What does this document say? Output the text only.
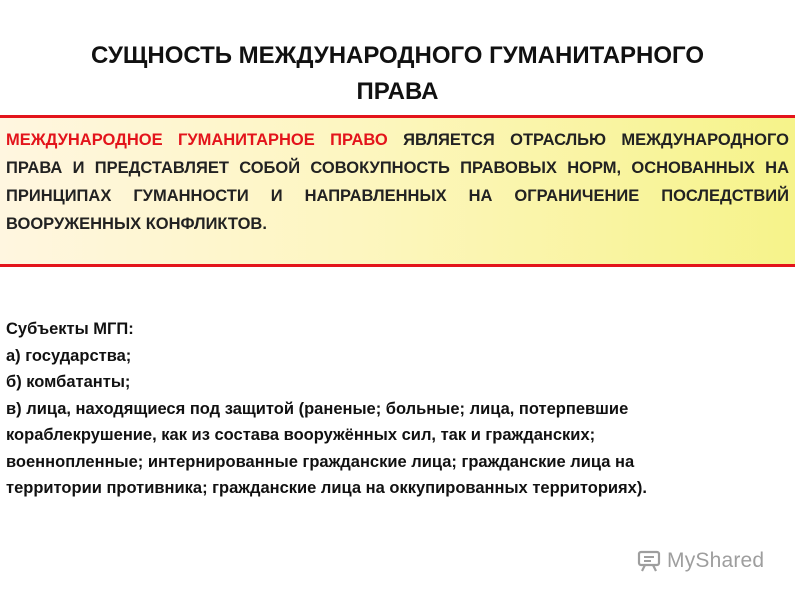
СУЩНОСТЬ МЕЖДУНАРОДНОГО ГУМАНИТАРНОГО
ПРАВА

МЕЖДУНАРОДНОЕ ГУМАНИТАРНОЕ ПРАВО ЯВЛЯЕТСЯ ОТРАСЛЬЮ МЕЖДУНАРОДНОГО ПРАВА И ПРЕДСТАВЛЯЕТ СОБОЙ СОВОКУПНОСТЬ ПРАВОВЫХ НОРМ, ОСНОВАННЫХ НА ПРИНЦИПАХ ГУМАННОСТИ И НАПРАВЛЕННЫХ НА ОГРАНИЧЕНИЕ ПОСЛЕДСТВИЙ ВООРУЖЕННЫХ КОНФЛИКТОВ.

Субъекты МГП:
а) государства;
б) комбатанты;
в) лица, находящиеся под защитой (раненые; больные; лица, потерпевшие
кораблекрушение, как из состава вооружённых сил, так и гражданских;
военнопленные; интернированные гражданские лица; гражданские лица на
территории противника; гражданские лица на оккупированных территориях).
MyShared
